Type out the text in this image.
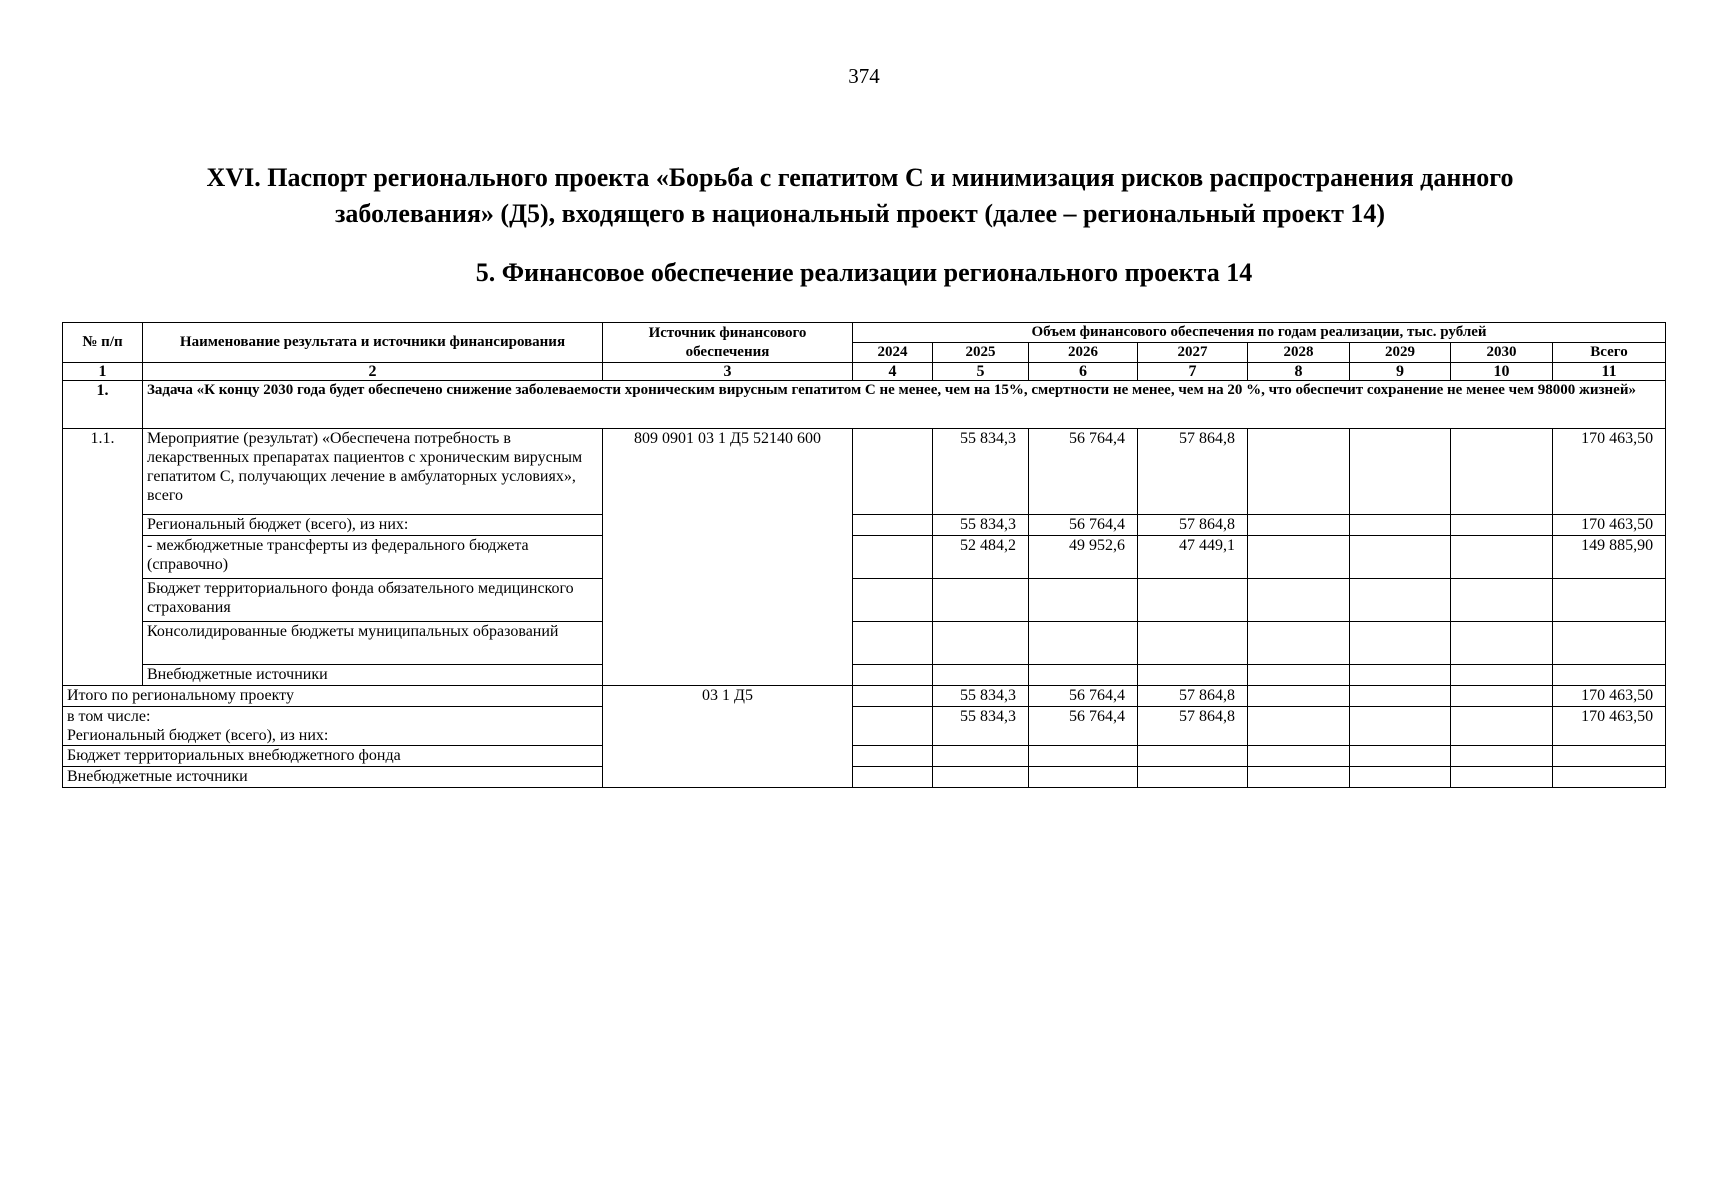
374
XVI. Паспорт регионального проекта «Борьба с гепатитом С и минимизация рисков распространения данного
заболевания» (Д5), входящего в национальный проект (далее – региональный проект 14)
5. Финансовое обеспечение реализации регионального проекта 14
№ п/п	Наименование результата и источники финансирования	Источник финансового обеспечения	Объем финансового обеспечения по годам реализации, тыс. рублей							
			2024	2025	2026	2027	2028	2029	2030	Всего
1	2	3	4	5	6	7	8	9	10	11
1.	Задача «К концу 2030 года будет обеспечено снижение заболеваемости хроническим вирусным гепатитом С не менее, чем на 15%, смертности не менее, чем на 20 %, что обеспечит сохранение не менее чем 98000 жизней»									
1.1.	Мероприятие (результат) «Обеспечена потребность в лекарственных препаратах пациентов с хроническим вирусным гепатитом С, получающих лечение в амбулаторных условиях», всего	809 0901 03 1 Д5 52140 600		55 834,3	56 764,4	57 864,8				170 463,50
	Региональный бюджет (всего), из них:			55 834,3	56 764,4	57 864,8				170 463,50
	- межбюджетные трансферты из федерального бюджета (справочно)			52 484,2	49 952,6	47 449,1				149 885,90
	Бюджет территориального фонда обязательного медицинского страхования									
	Консолидированные бюджеты муниципальных образований									
	Внебюджетные источники									
Итого по региональному проекту		03 1 Д5		55 834,3	56 764,4	57 864,8				170 463,50

в том числе:
Региональный бюджет (всего), из них:				55 834,3	56 764,4	57 864,8				170 463,50
Бюджет территориальных внебюджетного фонда										
Внебюджетные источники										
